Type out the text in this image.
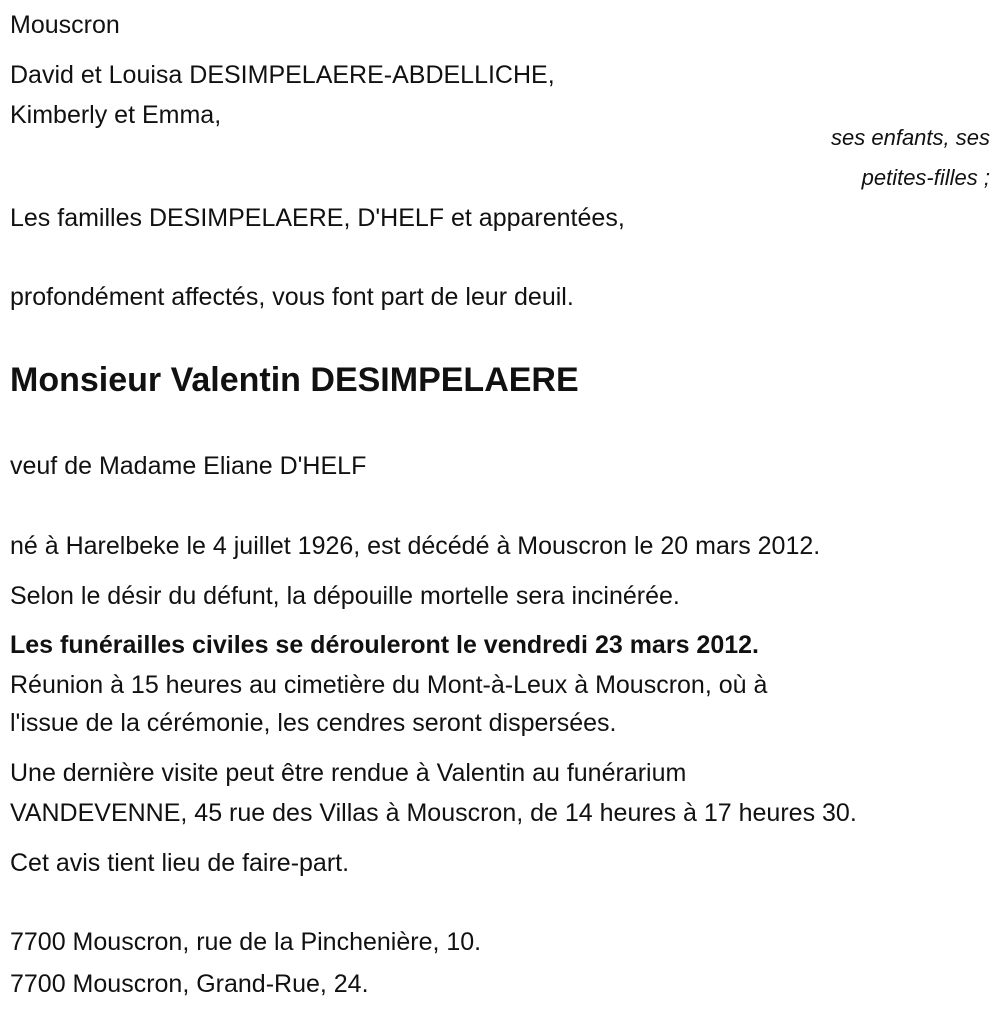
Mouscron
David et Louisa DESIMPELAERE-ABDELLICHE,
Kimberly et Emma,
ses enfants, ses
petites-filles ;
Les familles DESIMPELAERE, D'HELF et apparentées,
profondément affectés, vous font part de leur deuil.
Monsieur Valentin DESIMPELAERE
veuf de Madame Eliane D'HELF
né à Harelbeke le 4 juillet 1926, est décédé à Mouscron le 20 mars 2012.
Selon le désir du défunt, la dépouille mortelle sera incinérée.
Les funérailles civiles se dérouleront le vendredi 23 mars 2012.
Réunion à 15 heures au cimetière du Mont-à-Leux à Mouscron, où à
l'issue de la cérémonie, les cendres seront dispersées.
Une dernière visite peut être rendue à Valentin au funérarium
VANDEVENNE, 45 rue des Villas à Mouscron, de 14 heures à 17 heures 30.
Cet avis tient lieu de faire-part.
7700 Mouscron, rue de la Pinchenière, 10.
7700 Mouscron, Grand-Rue, 24.
